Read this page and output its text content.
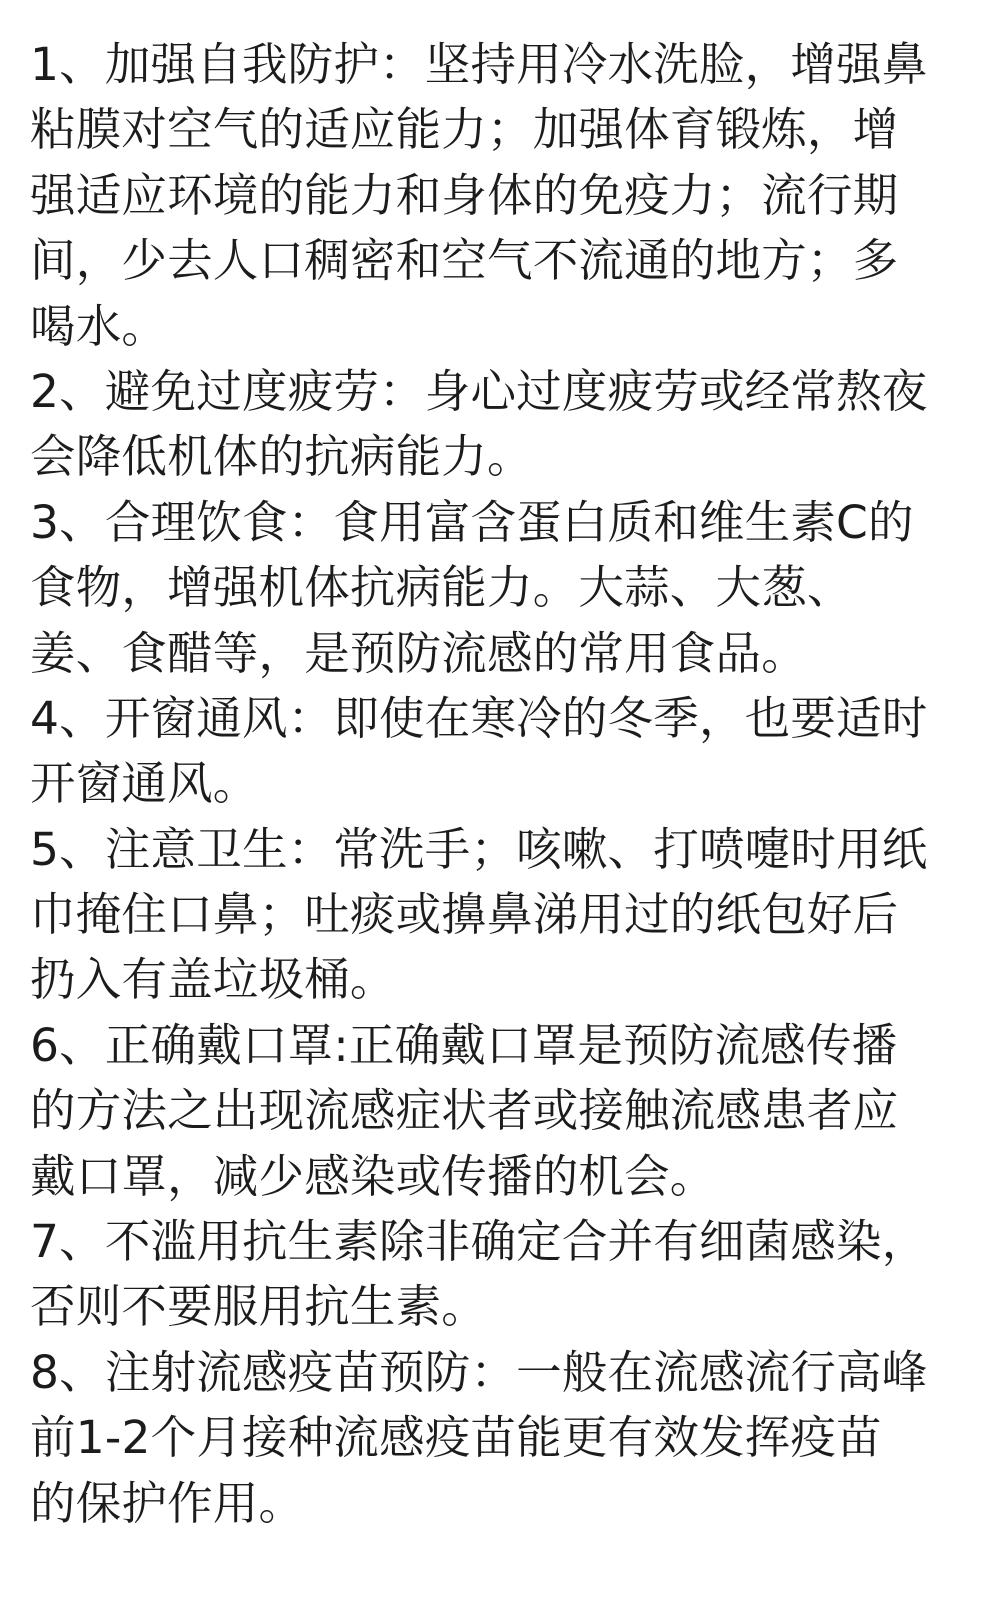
1、加强自我防护：坚持用冷水洗脸，增强鼻
粘膜对空气的适应能力；加强体育锻炼，增
强适应环境的能力和身体的免疫力；流行期
间，少去人口稠密和空气不流通的地方；多
喝水。
2、避免过度疲劳：身心过度疲劳或经常熬夜
会降低机体的抗病能力。
3、合理饮食：食用富含蛋白质和维生素C的
食物，增强机体抗病能力。大蒜、大葱、
姜、食醋等，是预防流感的常用食品。
4、开窗通风：即使在寒冷的冬季，也要适时
开窗通风。
5、注意卫生：常洗手；咳嗽、打喷嚏时用纸
巾掩住口鼻；吐痰或擤鼻涕用过的纸包好后
扔入有盖垃圾桶。
6、正确戴口罩:正确戴口罩是预防流感传播
的方法之出现流感症状者或接触流感患者应
戴口罩，减少感染或传播的机会。
7、不滥用抗生素除非确定合并有细菌感染，
否则不要服用抗生素。
8、注射流感疫苗预防：一般在流感流行高峰
前1-2个月接种流感疫苗能更有效发挥疫苗
的保护作用。
